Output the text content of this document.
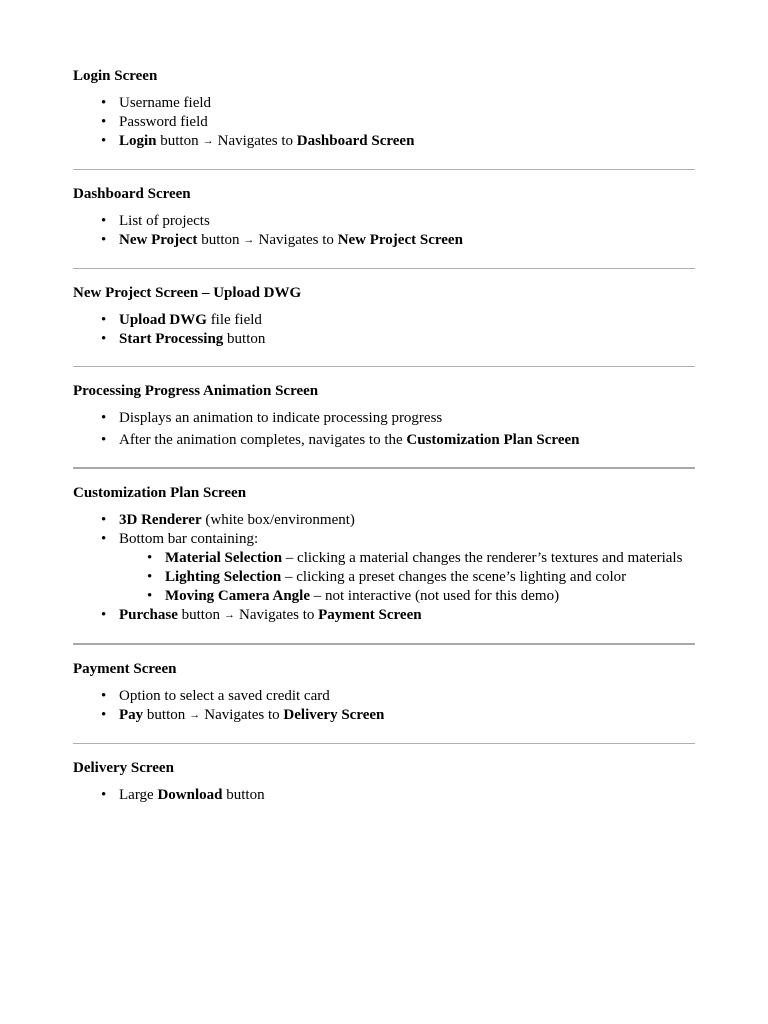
Login Screen
• Username field
• Password field
• Login button → Navigates to Dashboard Screen
Dashboard Screen
• List of projects
• New Project button → Navigates to New Project Screen
New Project Screen – Upload DWG
• Upload DWG file field
• Start Processing button
Processing Progress Animation Screen
• Displays an animation to indicate processing progress
• After the animation completes, navigates to the Customization Plan Screen
Customization Plan Screen
• 3D Renderer (white box/environment)
• Bottom bar containing:
• Material Selection – clicking a material changes the renderer’s textures and materials
• Lighting Selection – clicking a preset changes the scene’s lighting and color
• Moving Camera Angle – not interactive (not used for this demo)
• Purchase button → Navigates to Payment Screen
Payment Screen
• Option to select a saved credit card
• Pay button → Navigates to Delivery Screen
Delivery Screen
• Large Download button
